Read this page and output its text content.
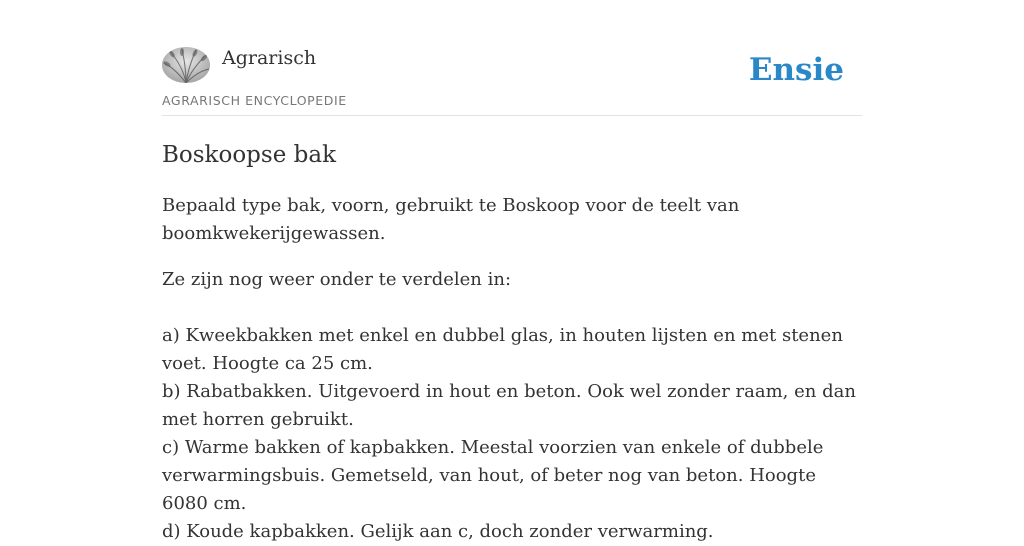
Agrarisch
AGRARISCH ENCYCLOPEDIE
Ensie
Boskoopse bak

Bepaald type bak, voorn, gebruikt te Boskoop voor de teelt van boomkwekerijgewassen.

Ze zijn nog weer onder te verdelen in:

a) Kweekbakken met enkel en dubbel glas, in houten lijsten en met stenen voet. Hoogte ca 25 cm.
b) Rabatbakken. Uitgevoerd in hout en beton. Ook wel zonder raam, en dan met horren gebruikt.
c) Warme bakken of kapbakken. Meestal voorzien van enkele of dubbele verwarmingsbuis. Gemetseld, van hout, of beter nog van beton. Hoogte 6080 cm.
d) Koude kapbakken. Gelijk aan c, doch zonder verwarming.
